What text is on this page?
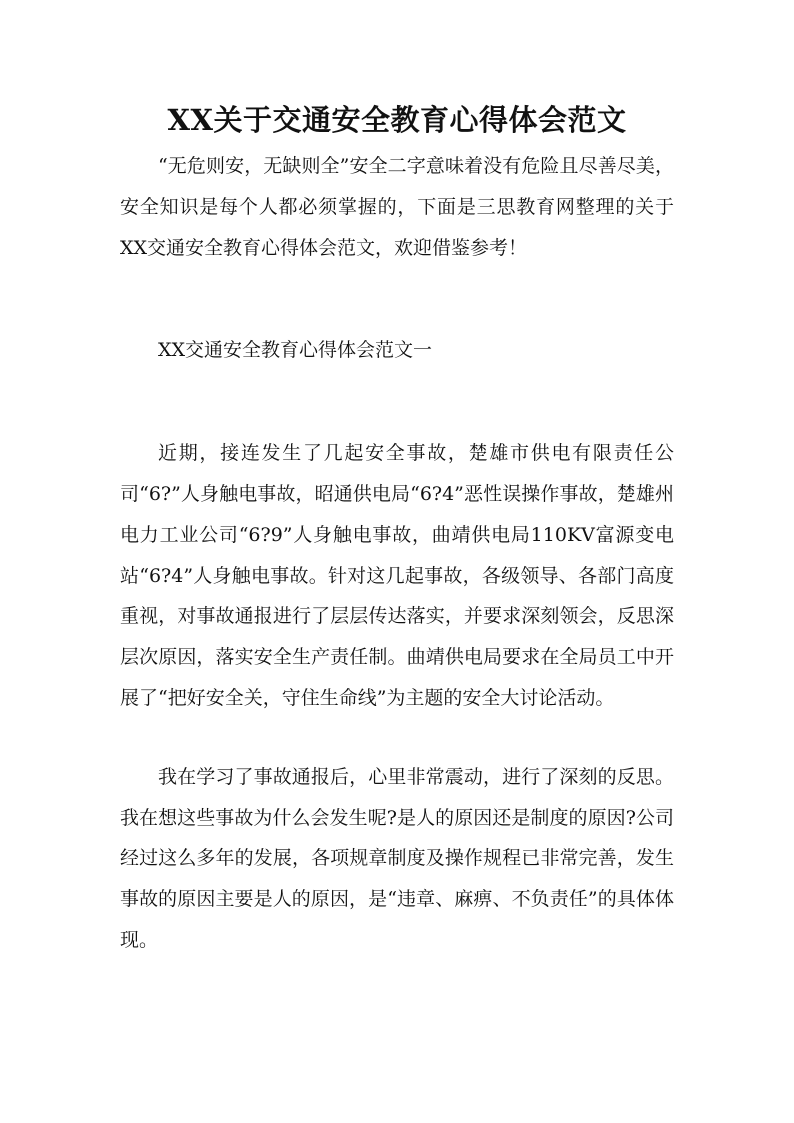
XX关于交通安全教育心得体会范文

“无危则安，无缺则全”安全二字意味着没有危险且尽善尽美，安全知识是每个人都必须掌握的，下面是三思教育网整理的关于XX交通安全教育心得体会范文，欢迎借鉴参考！

XX交通安全教育心得体会范文一

近期，接连发生了几起安全事故，楚雄市供电有限责任公司“6?”人身触电事故，昭通供电局“6?4”恶性误操作事故，楚雄州电力工业公司“6?9”人身触电事故，曲靖供电局110KV富源变电站“6?4”人身触电事故。针对这几起事故，各级领导、各部门高度重视，对事故通报进行了层层传达落实，并要求深刻领会，反思深层次原因，落实安全生产责任制。曲靖供电局要求在全局员工中开展了“把好安全关，守住生命线”为主题的安全大讨论活动。

我在学习了事故通报后，心里非常震动，进行了深刻的反思。我在想这些事故为什么会发生呢?是人的原因还是制度的原因?公司经过这么多年的发展，各项规章制度及操作规程已非常完善，发生事故的原因主要是人的原因，是“违章、麻痹、不负责任”的具体体现。
